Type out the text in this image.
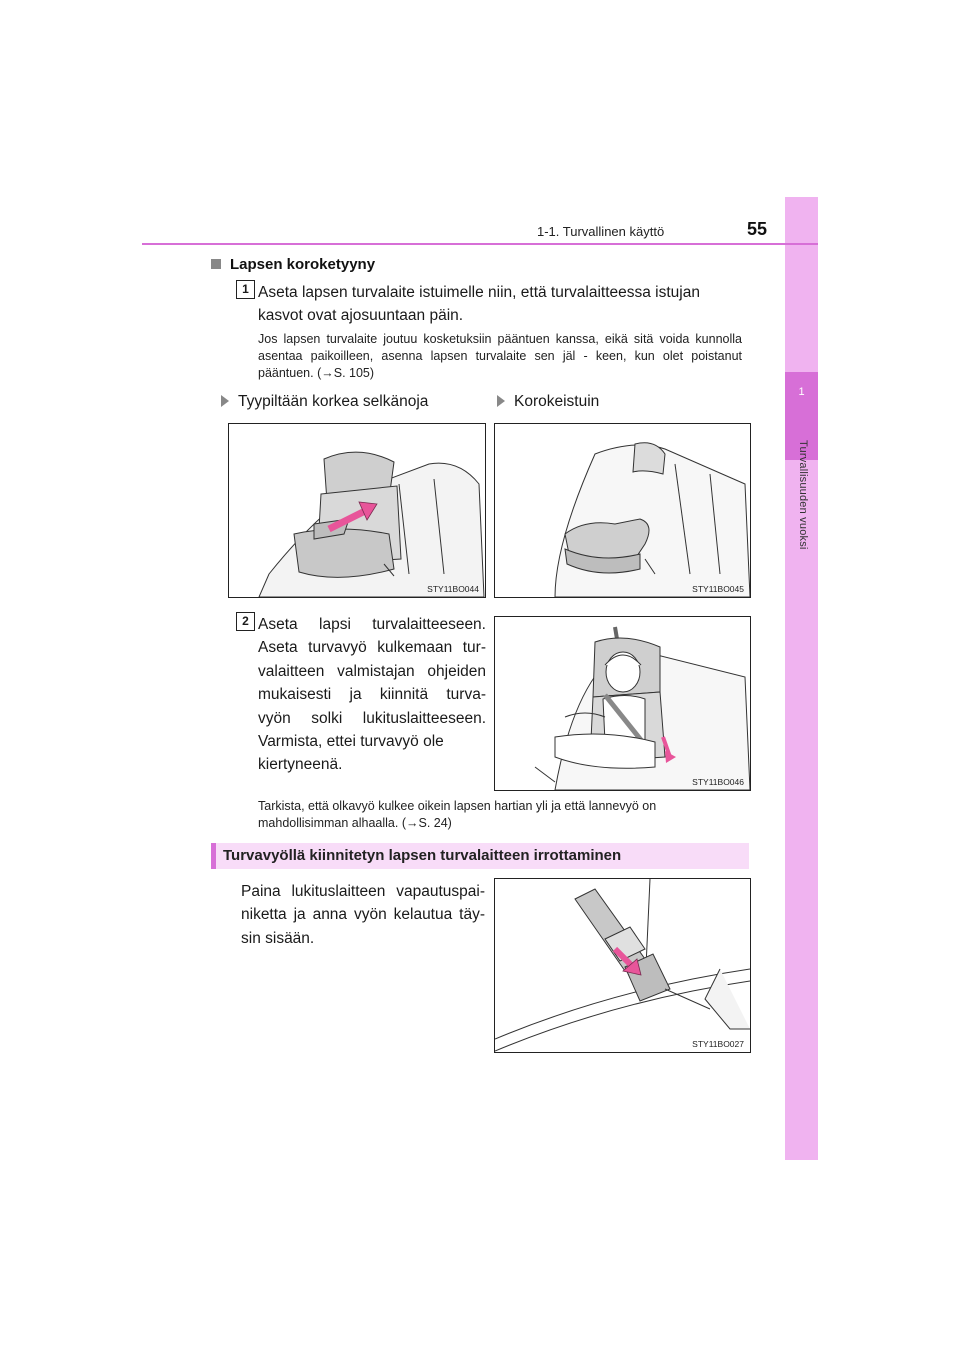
1
Turvallisuuden vuoksi
1-1. Turvallinen käyttö	55
Lapsen koroketyyny
1 Aseta lapsen turvalaite istuimelle niin, että turvalaitteessa istujan kasvot ovat ajosuuntaan päin.
Jos lapsen turvalaite joutuu kosketuksiin pääntuen kanssa, eikä sitä voida kunnolla asentaa paikoilleen, asenna lapsen turvalaite sen jäl - keen, kun olet poistanut pääntuen. (→S. 105)
Tyypiltään korkea selkänoja	Korokeistuin
STY11BO044	STY11BO045
2 Aseta lapsi turvalaitteeseen.
Aseta turvavyö kulkemaan tur-
valaitteen valmistajan ohjeiden
mukaisesti ja kiinnitä turva-
vyön solki lukituslaitteeseen.
Varmista, ettei turvavyö ole
kiertyneenä.
STY11BO046
Tarkista, että olkavyö kulkee oikein lapsen hartian yli ja että lannevyö on mahdollisimman alhaalla. (→S. 24)
Turvavyöllä kiinnitetyn lapsen turvalaitteen irrottaminen
Paina lukituslaitteen vapautuspai-
niketta ja anna vyön kelautua täy-
sin sisään.
STY11BO027
